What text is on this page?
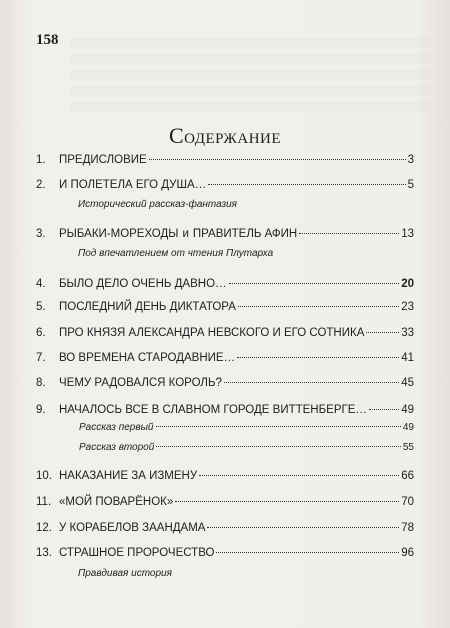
158
Содержание
1. ПРЕДИСЛОВИЕ	3
2. И ПОЛЕТЕЛА ЕГО ДУША…	5
Исторический рассказ-фантазия
3. РЫБАКИ-МОРЕХОДЫ и ПРАВИТЕЛЬ АФИН	13
Под впечатлением от чтения Плутарха
4. БЫЛО ДЕЛО ОЧЕНЬ ДАВНО…	20
5. ПОСЛЕДНИЙ ДЕНЬ ДИКТАТОРА	23
6. ПРО КНЯЗЯ АЛЕКСАНДРА НЕВСКОГО И ЕГО СОТНИКА	33
7. ВО ВРЕМЕНА СТАРОДАВНИЕ…	41
8. ЧЕМУ РАДОВАЛСЯ КОРОЛЬ?	45
9. НАЧАЛОСЬ ВСЕ В СЛАВНОМ ГОРОДЕ ВИТТЕНБЕРГЕ…	49
Рассказ первый	49
Рассказ второй	55
10. НАКАЗАНИЕ ЗА ИЗМЕНУ	66
11. «МОЙ ПОВАРЁНОК»	70
12. У КОРАБЕЛОВ ЗААНДАМА	78
13. СТРАШНОЕ ПРОРОЧЕСТВО	96
Правдивая история
